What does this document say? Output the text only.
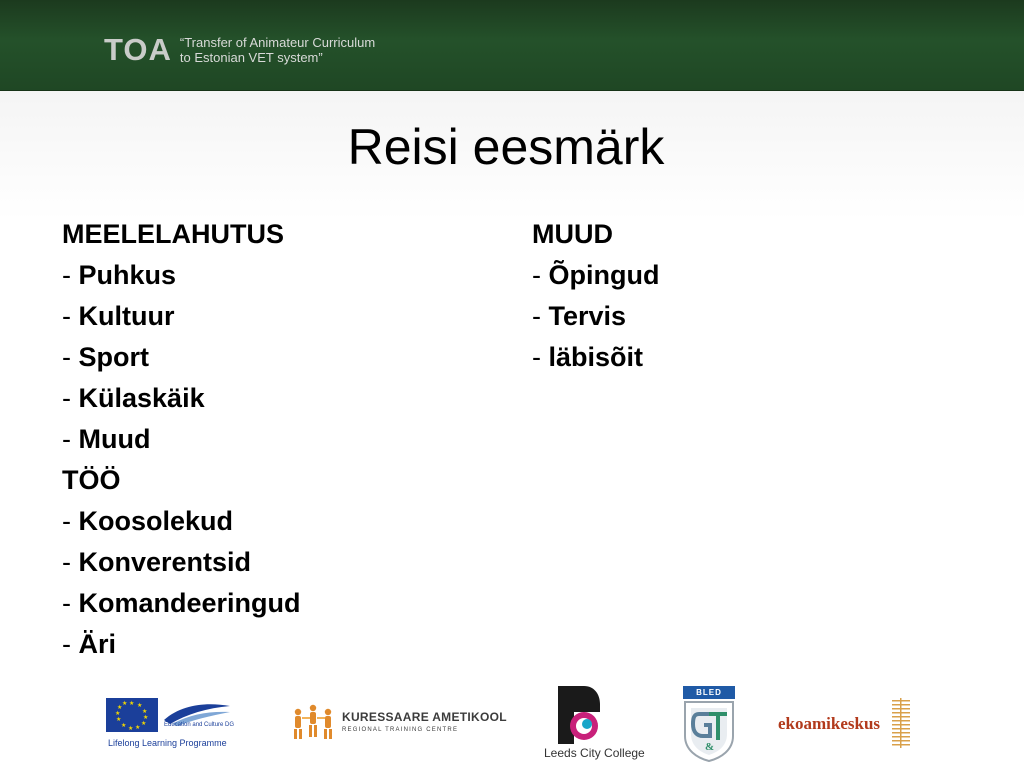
TOA “Transfer of Animateur Curriculum
to Estonian VET system”
Reisi eesmärk
MEELELAHUTUS
- Puhkus
- Kultuur
- Sport
- Külaskäik
- Muud
TÖÖ
- Koosolekud
- Konverentsid
- Komandeeringud
- Äri
MUUD
- Õpingud
- Tervis
- läbisõit
★ ★
★
★
★
★
★
★
★
★
★
★
Education and Culture DG
Lifelong Learning Programme
KURESSAARE AMETIKOOL
REGIONAL TRAINING CENTRE
Leeds City College
BLED
&
ekoamikeskus
